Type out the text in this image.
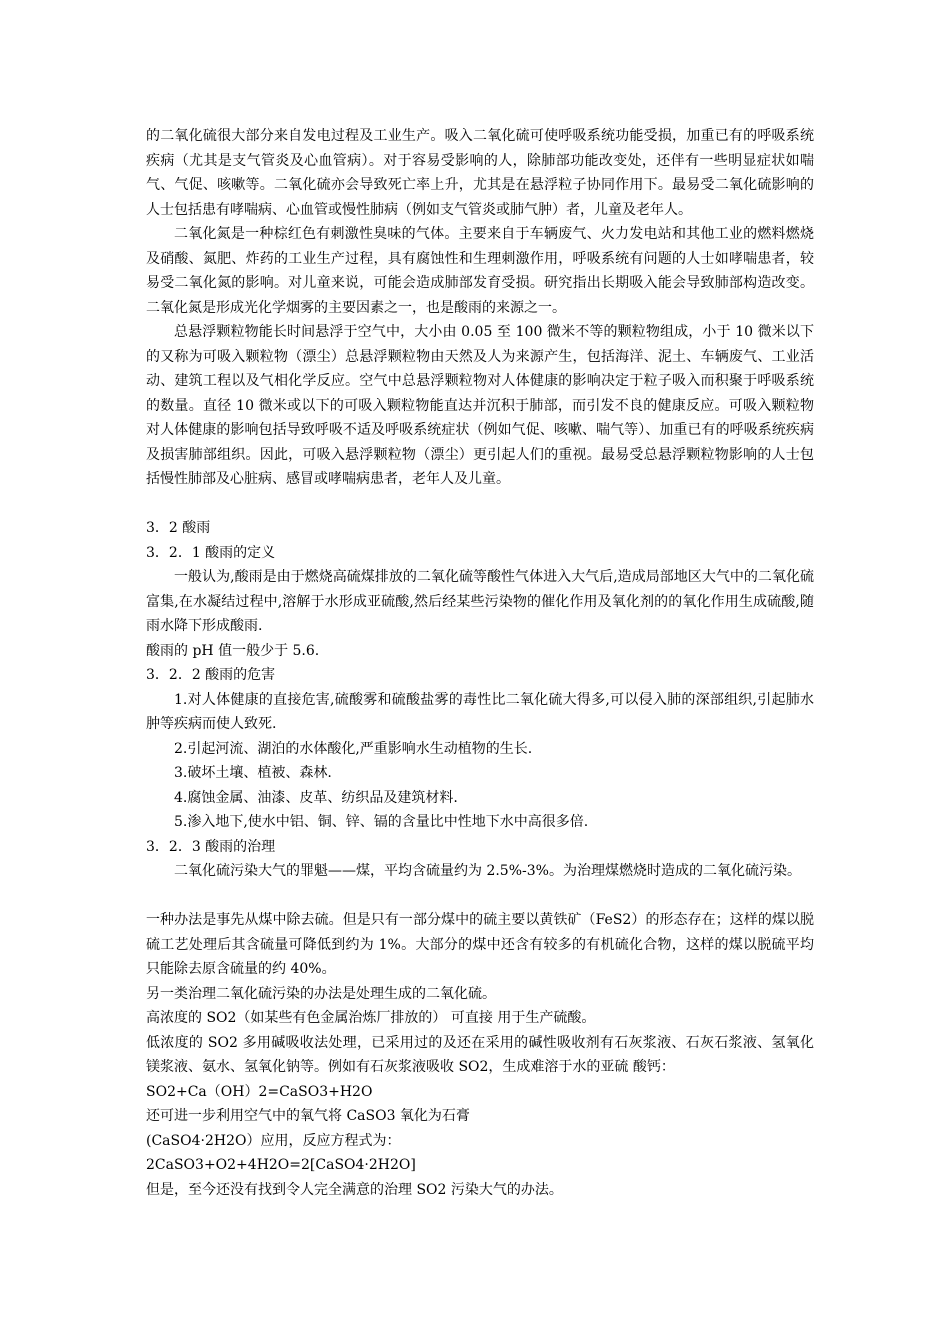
的二氧化硫很大部分来自发电过程及工业生产。吸入二氧化硫可使呼吸系统功能受损，加重已有的呼吸系统疾病（尤其是支气管炎及心血管病）。对于容易受影响的人，除肺部功能改变处，还伴有一些明显症状如喘气、气促、咳嗽等。二氧化硫亦会导致死亡率上升，尤其是在悬浮粒子协同作用下。最易受二氧化硫影响的人士包括患有哮喘病、心血管或慢性肺病（例如支气管炎或肺气肿）者，儿童及老年人。

二氧化氮是一种棕红色有刺激性臭味的气体。主要来自于车辆废气、火力发电站和其他工业的燃料燃烧及硝酸、氮肥、炸药的工业生产过程，具有腐蚀性和生理刺激作用，呼吸系统有问题的人士如哮喘患者，较易受二氧化氮的影响。对儿童来说，可能会造成肺部发育受损。研究指出长期吸入能会导致肺部构造改变。二氧化氮是形成光化学烟雾的主要因素之一，也是酸雨的来源之一。

总悬浮颗粒物能长时间悬浮于空气中，大小由 0.05 至 100 微米不等的颗粒物组成，小于 10 微米以下的又称为可吸入颗粒物（漂尘）总悬浮颗粒物由天然及人为来源产生，包括海洋、泥土、车辆废气、工业活动、建筑工程以及气相化学反应。空气中总悬浮颗粒物对人体健康的影响决定于粒子吸入而积聚于呼吸系统的数量。直径 10 微米或以下的可吸入颗粒物能直达并沉积于肺部，而引发不良的健康反应。可吸入颗粒物对人体健康的影响包括导致呼吸不适及呼吸系统症状（例如气促、咳嗽、喘气等）、加重已有的呼吸系统疾病及损害肺部组织。因此，可吸入悬浮颗粒物（漂尘）更引起人们的重视。最易受总悬浮颗粒物影响的人士包括慢性肺部及心脏病、感冒或哮喘病患者，老年人及儿童。

3．2 酸雨

3．2．1 酸雨的定义

一般认为,酸雨是由于燃烧高硫煤排放的二氧化硫等酸性气体进入大气后,造成局部地区大气中的二氧化硫富集,在水凝结过程中,溶解于水形成亚硫酸,然后经某些污染物的催化作用及氧化剂的的氧化作用生成硫酸,随雨水降下形成酸雨.

酸雨的 pH 值一般少于 5.6.

3．2．2 酸雨的危害

1.对人体健康的直接危害,硫酸雾和硫酸盐雾的毒性比二氧化硫大得多,可以侵入肺的深部组织,引起肺水肿等疾病而使人致死.

2.引起河流、湖泊的水体酸化,严重影响水生动植物的生长.

3.破坏土壤、植被、森林.

4.腐蚀金属、油漆、皮革、纺织品及建筑材料.

5.渗入地下,使水中铝、铜、锌、镉的含量比中性地下水中高很多倍.

3．2．3 酸雨的治理

二氧化硫污染大气的罪魁——煤，平均含硫量约为 2.5%-3%。为治理煤燃烧时造成的二氧化硫污染。

一种办法是事先从煤中除去硫。但是只有一部分煤中的硫主要以黄铁矿（FeS2）的形态存在；这样的煤以脱硫工艺处理后其含硫量可降低到约为 1%。大部分的煤中还含有较多的有机硫化合物，这样的煤以脱硫平均只能除去原含硫量的约 40%。

另一类治理二氧化硫污染的办法是处理生成的二氧化硫。

高浓度的 SO2（如某些有色金属治炼厂排放的） 可直接 用于生产硫酸。

低浓度的 SO2 多用碱吸收法处理，已采用过的及还在采用的碱性吸收剂有石灰浆液、石灰石浆液、氢氧化镁浆液、氨水、氢氧化钠等。例如有石灰浆液吸收 SO2，生成难溶于水的亚硫 酸钙：

SO2+Ca（OH）2=CaSO3+H2O

还可进一步利用空气中的氧气将 CaSO3 氧化为石膏

(CaSO4·2H2O）应用，反应方程式为：

2CaSO3+O2+4H2O=2[CaSO4·2H2O]

但是，至今还没有找到令人完全满意的治理 SO2 污染大气的办法。
